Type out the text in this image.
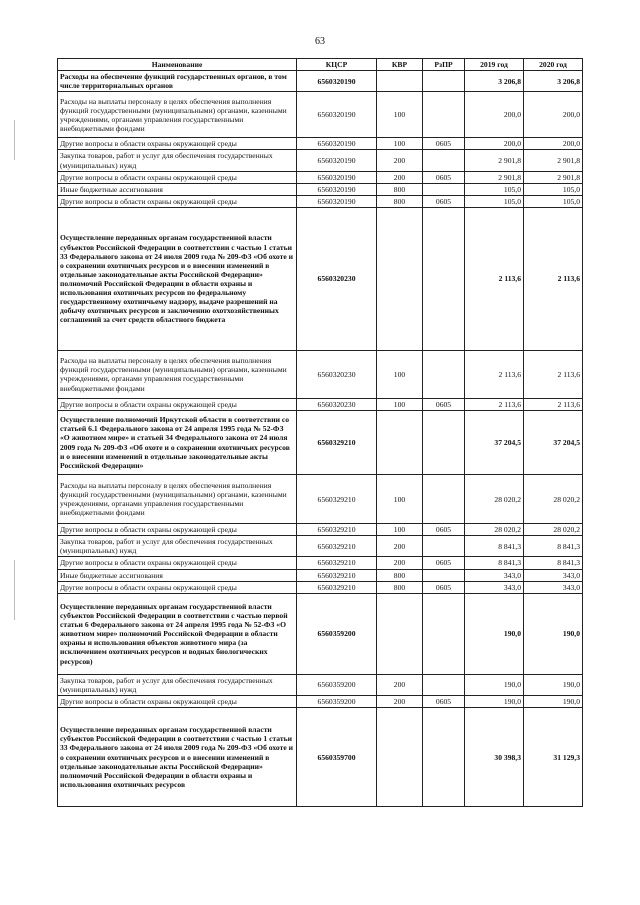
63
Наименование	КЦСР	КВР	РзПР	2019 год	2020 год
Расходы на обеспечение функций государственных органов, в том числе территориальных органов	6560320190			3 206,8	3 206,8
Расходы на выплаты персоналу в целях обеспечения выполнения функций государственными (муниципальными) органами, казенными учреждениями, органами управления государственными внебюджетными фондами	6560320190	100		200,0	200,0
Другие вопросы в области охраны окружающей среды	6560320190	100	0605	200,0	200,0
Закупка товаров, работ и услуг для обеспечения государственных (муниципальных) нужд	6560320190	200		2 901,8	2 901,8
Другие вопросы в области охраны окружающей среды	6560320190	200	0605	2 901,8	2 901,8
Иные бюджетные ассигнования	6560320190	800		105,0	105,0
Другие вопросы в области охраны окружающей среды	6560320190	800	0605	105,0	105,0
Осуществление переданных органам государственной власти субъектов Российской Федерации в соответствии с частью 1 статьи 33 Федерального закона от 24 июля 2009 года № 209-ФЗ «Об охоте и о сохранении охотничьих ресурсов и о внесении изменений в отдельные законодательные акты Российской Федерации» полномочий Российской Федерации в области охраны и использования охотничьих ресурсов по федеральному государственному охотничьему надзору, выдаче разрешений на добычу охотничьих ресурсов и заключению охотхозяйственных соглашений за счет средств областного бюджета	6560320230			2 113,6	2 113,6
Расходы на выплаты персоналу в целях обеспечения выполнения функций государственными (муниципальными) органами, казенными учреждениями, органами управления государственными внебюджетными фондами	6560320230	100		2 113,6	2 113,6
Другие вопросы в области охраны окружающей среды	6560320230	100	0605	2 113,6	2 113,6
Осуществление полномочий Иркутской области в соответствии со статьей 6.1 Федерального закона от 24 апреля 1995 года № 52-ФЗ «О животном мире» и статьей 34 Федерального закона от 24 июля 2009 года № 209-ФЗ «Об охоте и о сохранении охотничьих ресурсов и о внесении изменений в отдельные законодательные акты Российской Федерации»	6560329210			37 204,5	37 204,5
Расходы на выплаты персоналу в целях обеспечения выполнения функций государственными (муниципальными) органами, казенными учреждениями, органами управления государственными внебюджетными фондами	6560329210	100		28 020,2	28 020,2
Другие вопросы в области охраны окружающей среды	6560329210	100	0605	28 020,2	28 020,2
Закупка товаров, работ и услуг для обеспечения государственных (муниципальных) нужд	6560329210	200		8 841,3	8 841,3
Другие вопросы в области охраны окружающей среды	6560329210	200	0605	8 841,3	8 841,3
Иные бюджетные ассигнования	6560329210	800		343,0	343,0
Другие вопросы в области охраны окружающей среды	6560329210	800	0605	343,0	343,0
Осуществление переданных органам государственной власти субъектов Российской Федерации в соответствии с частью первой статьи 6 Федерального закона от 24 апреля 1995 года № 52-ФЗ «О животном мире» полномочий Российской Федерации в области охраны и использования объектов животного мира (за исключением охотничьих ресурсов и водных биологических ресурсов)	6560359200			190,0	190,0
Закупка товаров, работ и услуг для обеспечения государственных (муниципальных) нужд	6560359200	200		190,0	190,0
Другие вопросы в области охраны окружающей среды	6560359200	200	0605	190,0	190,0
Осуществление переданных органам государственной власти субъектов Российской Федерации в соответствии с частью 1 статьи 33 Федерального закона от 24 июля 2009 года № 209-ФЗ «Об охоте и о сохранении охотничьих ресурсов и о внесении изменений в отдельные законодательные акты Российской Федерации» полномочий Российской Федерации в области охраны и использования охотничьих ресурсов	6560359700			30 398,3	31 129,3
